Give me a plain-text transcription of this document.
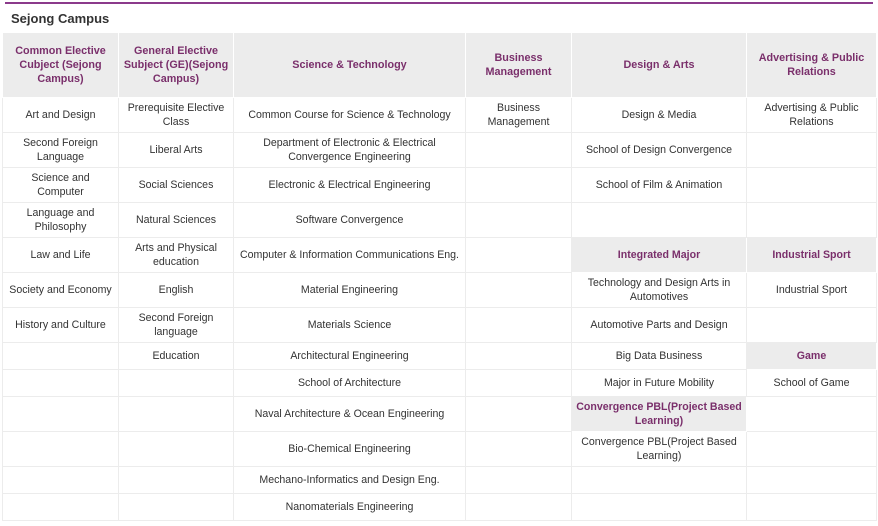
Sejong Campus
Common Elective Cubject (Sejong Campus)	General Elective Subject (GE)(Sejong Campus)	Science & Technology	Business Management	Design & Arts	Advertising & Public Relations
Art and Design	Prerequisite Elective Class	Common Course for Science & Technology	Business Management	Design & Media	Advertising & Public Relations
Second Foreign Language	Liberal Arts	Department of Electronic & Electrical Convergence Engineering		School of Design Convergence	
Science and Computer	Social Sciences	Electronic & Electrical Engineering		School of Film & Animation	
Language and Philosophy	Natural Sciences	Software Convergence			
Law and Life	Arts and Physical education	Computer & Information Communications Eng.		Integrated Major	Industrial Sport
Society and Economy	English	Material Engineering		Technology and Design Arts in Automotives	Industrial Sport
History and Culture	Second Foreign language	Materials Science		Automotive Parts and Design	
	Education	Architectural Engineering		Big Data Business	Game
		School of Architecture		Major in Future Mobility	School of Game
		Naval Architecture & Ocean Engineering		Convergence PBL(Project Based Learning)	
		Bio-Chemical Engineering		Convergence PBL(Project Based Learning)	
		Mechano-Informatics and Design Eng.			
		Nanomaterials Engineering			
